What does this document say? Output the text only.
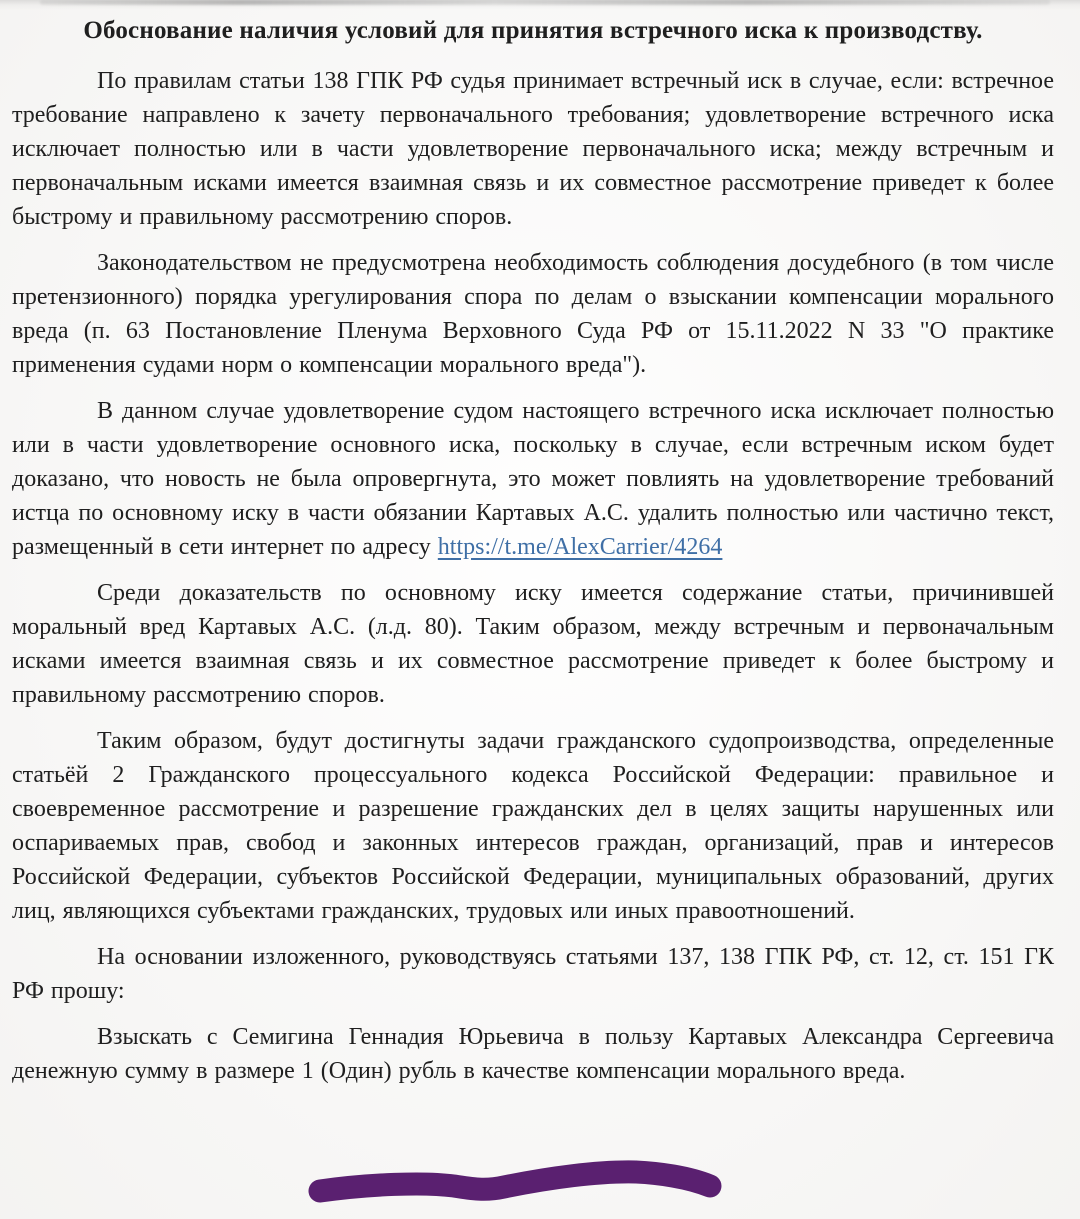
Обоснование наличия условий для принятия встречного иска к производству.

По правилам статьи 138 ГПК РФ судья принимает встречный иск в случае, если: встречное требование направлено к зачету первоначального требования; удовлетворение встречного иска исключает полностью или в части удовлетворение первоначального иска; между встречным и первоначальным исками имеется взаимная связь и их совместное рассмотрение приведет к более быстрому и правильному рассмотрению споров.

Законодательством не предусмотрена необходимость соблюдения досудебного (в том числе претензионного) порядка урегулирования спора по делам о взыскании компенсации морального вреда (п. 63 Постановление Пленума Верховного Суда РФ от 15.11.2022 N 33 "О практике применения судами норм о компенсации морального вреда").

В данном случае удовлетворение судом настоящего встречного иска исключает полностью или в части удовлетворение основного иска, поскольку в случае, если встречным иском будет доказано, что новость не была опровергнута, это может повлиять на удовлетворение требований истца по основному иску в части обязании Картавых А.С. удалить полностью или частично текст, размещенный в сети интернет по адресу https://t.me/AlexCarrier/4264

Среди доказательств по основному иску имеется содержание статьи, причинившей моральный вред Картавых А.С. (л.д. 80). Таким образом, между встречным и первоначальным исками имеется взаимная связь и их совместное рассмотрение приведет к более быстрому и правильному рассмотрению споров.

Таким образом, будут достигнуты задачи гражданского судопроизводства, определенные статьёй 2 Гражданского процессуального кодекса Российской Федерации: правильное и своевременное рассмотрение и разрешение гражданских дел в целях защиты нарушенных или оспариваемых прав, свобод и законных интересов граждан, организаций, прав и интересов Российской Федерации, субъектов Российской Федерации, муниципальных образований, других лиц, являющихся субъектами гражданских, трудовых или иных правоотношений.

На основании изложенного, руководствуясь статьями 137, 138 ГПК РФ, ст. 12, ст. 151 ГК РФ прошу:

Взыскать с Семигина Геннадия Юрьевича в пользу Картавых Александра Сергеевича денежную сумму в размере 1 (Один) рубль в качестве компенсации морального вреда.
